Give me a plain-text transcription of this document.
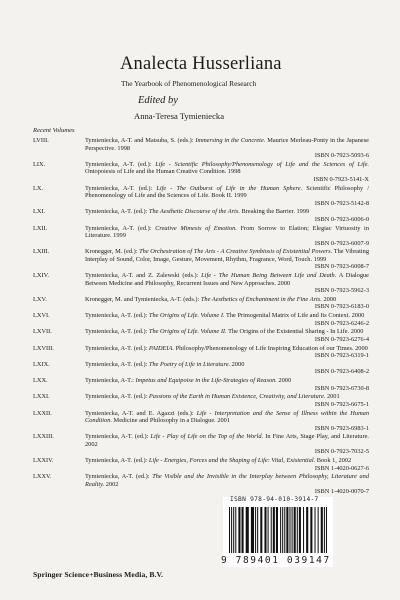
Analecta Husserliana
The Yearbook of Phenomenological Research
Edited by
Anna-Teresa Tymieniecka
Recent Volumes
LVIII.	Tymieniecka, A-T. and Matsuba, S. (eds.): Immersing in the Concrete. Maurice Merleau-Ponty in the Japanese Perspective. 1998
ISBN 0-7923-5093-6
LIX.	Tymieniecka, A-T. (ed.): Life - Scientific Philosophy/Phenomenology of Life and the Sciences of Life. Ontopoiesis of Life and the Human Creative Condition. 1998
ISBN 0-7923-5141-X
LX.	Tymieniecka, A-T. (ed.): Life - The Outburst of Life in the Human Sphere. Scientific Philosophy / Phenomenology of Life and the Sciences of Life. Book II. 1999
ISBN 0-7923-5142-8
LXI.	Tymieniecka, A-T. (ed.): The Aesthetic Discourse of the Arts. Breaking the Barrier. 1999
ISBN 0-7923-6006-0
LXII.	Tymieniecka, A-T. (ed.): Creative Mimesis of Emotion. From Sorrow to Elation; Elegiac Virtuosity in Literature. 1999
ISBN 0-7923-6007-9
LXIII.	Kronegger, M. (ed.): The Orchestration of The Arts - A Creative Symbiosis of Existential Powers. The Vibrating Interplay of Sound, Color, Image, Gesture, Movement, Rhythm, Fragrance, Word, Touch. 1999
ISBN 0-7923-6008-7
LXIV.	Tymieniecka, A-T. and Z. Zalewski (eds.): Life - The Human Being Between Life and Death. A Dialogue Between Medicine and Philosophy, Recurrent Issues and New Approaches. 2000
ISBN 0-7923-5962-3
LXV.	Kronegger, M. and Tymieniecka, A-T. (eds.): The Aesthetics of Enchantment in the Fine Arts. 2000
ISBN 0-7923-6183-0
LXVI.	Tymieniecka, A-T. (ed.): The Origins of Life. Volume I. The Primogenital Matrix of Life and Its Context. 2000
ISBN 0-7923-6246-2
LXVII.	Tymieniecka, A-T. (ed.): The Origins of Life. Volume II. The Origins of the Existential Sharing - In Life. 2000
ISBN 0-7923-6276-4
LXVIII.	Tymieniecka, A-T. (ed.): PAIDEIA. Philosophy/Phenomenology of Life Inspiring Education of our Times. 2000
ISBN 0-7923-6319-1
LXIX.	Tymieniecka, A-T. (ed.): The Poetry of Life in Literature. 2000
ISBN 0-7923-6408-2
LXX.	Tymieniecka, A-T.: Impetus and Equipoise in the Life-Strategies of Reason. 2000
ISBN 0-7923-6730-8
LXXI.	Tymieniecka, A-T. (ed.): Passions of the Earth in Human Existence, Creativity, and Literature. 2001
ISBN 0-7923-6675-1
LXXII.	Tymieniecka, A-T. and E. Agazzi (eds.): Life - Interpretation and the Sense of Illness within the Human Condition. Medicine and Philosophy in a Dialogue. 2001
ISBN 0-7923-6983-1
LXXIII.	Tymieniecka, A-T. (ed.): Life - Play of Life on the Top of the World. In Fine Arts, Stage Play, and Literature. 2002
ISBN 0-7923-7032-5
LXXIV.	Tymieniecka, A-T. (ed.): Life - Energies, Forces and the Shaping of Life: Vital, Existential. Book 1, 2002
ISBN 1-4020-0627-6
LXXV.	Tymieniecka, A-T. (ed.): The Visible and the Invisible in the Interplay between Philosophy, Literature and Reality. 2002
ISBN 1-4020-0070-7
ISBN 978-94-010-3914-7
9 789401 039147
Springer Science+Business Media, B.V.
